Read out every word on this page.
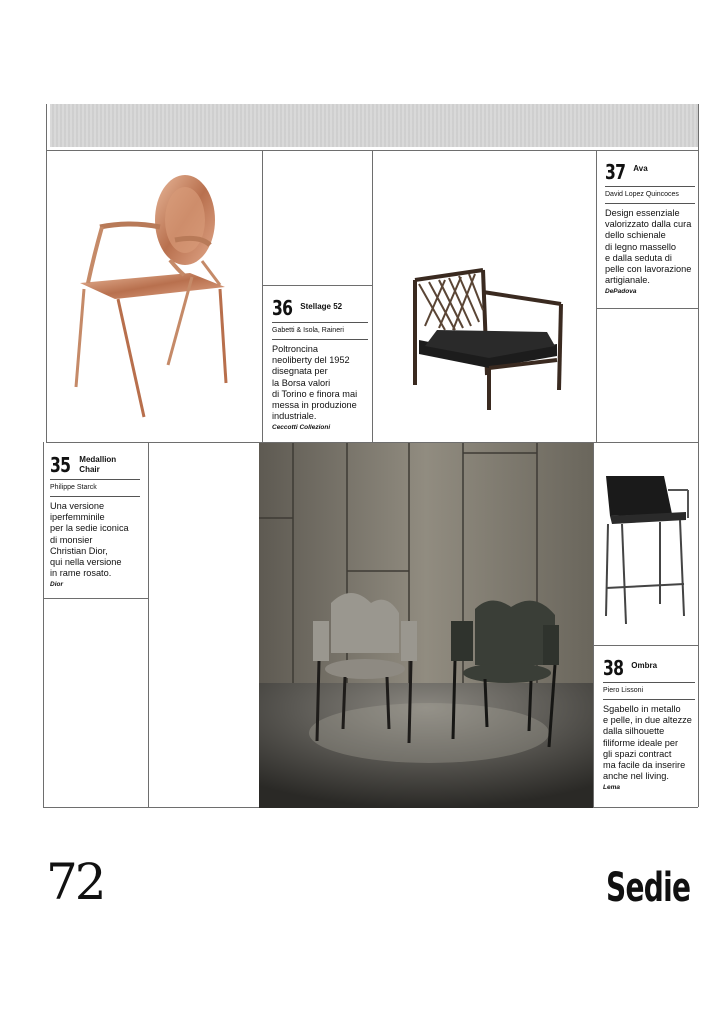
35 Medallion
Chair
Philippe Starck
Una versione
iperfemminile
per la sedie iconica
di monsier
Christian Dior,
qui nella versione
in rame rosato.
Dior
36 Stellage 52
Gabetti & Isola, Raineri
Poltroncina
neoliberty del 1952
disegnata per
la Borsa valori
di Torino e finora mai
messa in produzione
industriale.
Ceccotti Collezioni
37 Ava
David Lopez Quincoces
Design essenziale
valorizzato dalla cura
dello schienale
di legno massello
e dalla seduta di
pelle con lavorazione
artigianale.
DePadova
38 Ombra
Piero Lissoni
Sgabello in metallo
e pelle, in due altezze
dalla silhouette
filiforme ideale per
gli spazi contract
ma facile da inserire
anche nel living.
Lema
72	Sedie
